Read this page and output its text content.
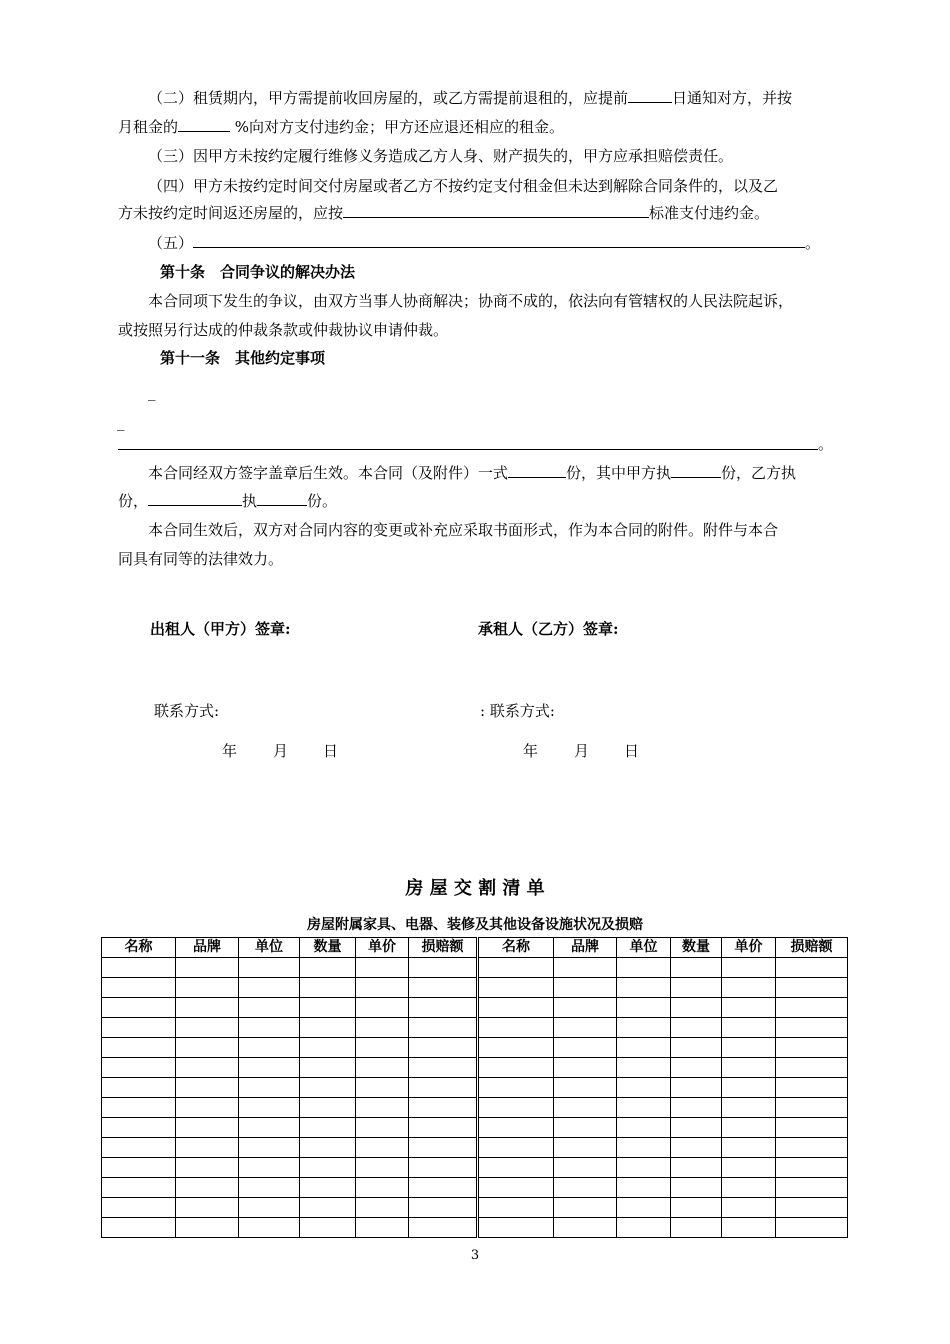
（二）租赁期内，甲方需提前收回房屋的，或乙方需提前退租的，应提前	日通知对方，并按
月租金的	%向对方支付违约金；甲方还应退还相应的租金。
（三）因甲方未按约定履行维修义务造成乙方人身、财产损失的，甲方应承担赔偿责任。
（四）甲方未按约定时间交付房屋或者乙方不按约定支付租金但未达到解除合同条件的，以及乙
方未按约定时间返还房屋的，应按	标准支付违约金。
（五）	。
第十条　合同争议的解决办法
本合同项下发生的争议，由双方当事人协商解决；协商不成的，依法向有管辖权的人民法院起诉，
或按照另行达成的仲裁条款或仲裁协议申请仲裁。
第十一条　其他约定事项
_
_
。
本合同经双方签字盖章后生效。本合同（及附件）一式	份，其中甲方执	份，乙方执
份，	执	份。
本合同生效后，双方对合同内容的变更或补充应采取书面形式，作为本合同的附件。附件与本合
同具有同等的法律效力。
出租人（甲方）签章:	承租人（乙方）签章:
联系方式:	: 联系方式:
年 月 日	年 月 日
房 屋 交 割 清 单
房屋附属家具、电器、装修及其他设备设施状况及损赔
名称	品牌	单位	数量	单价	损赔额	名称	品牌	单位	数量	单价	损赔额

3
